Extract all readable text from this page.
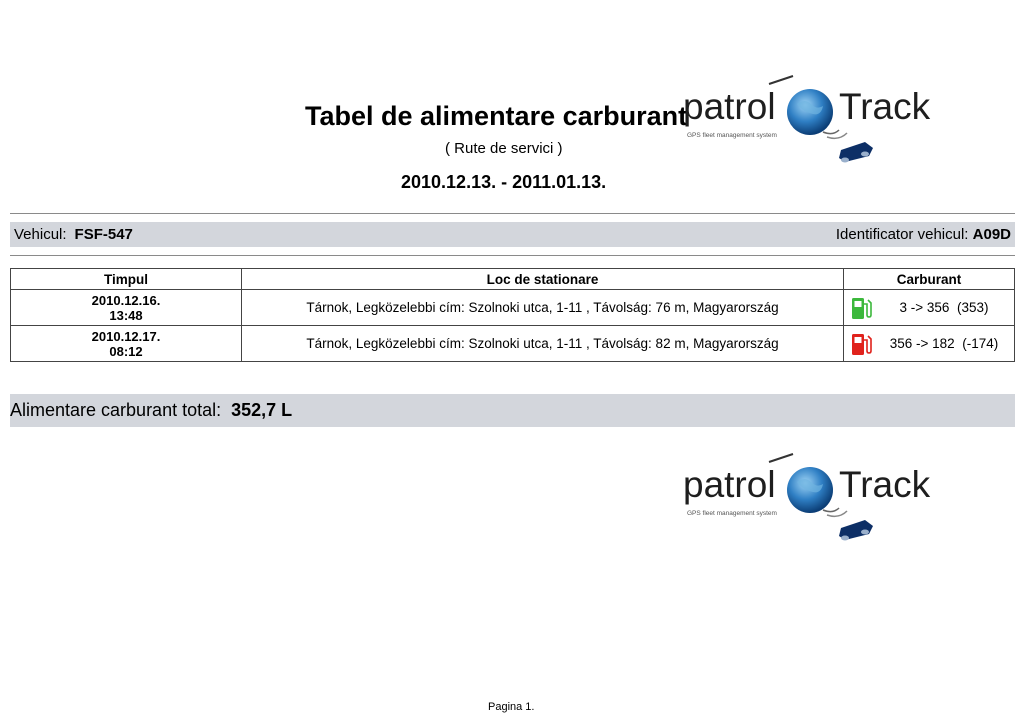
Tabel de alimentare carburant
patrol Track
GPS fleet management system
( Rute de servici )
2010.12.13. - 2011.01.13.
Vehicul: FSF-547	Identificator vehicul: A09D
Timpul	Loc de stationare	Carburant

2010.12.16.
13:48	Tárnok, Legközelebbi cím: Szolnoki utca, 1-11 , Távolság: 76 m, Magyarország	3 -> 356  (353)

2010.12.17.
08:12	Tárnok, Legközelebbi cím: Szolnoki utca, 1-11 , Távolság: 82 m, Magyarország	356 -> 182  (-174)
Alimentare carburant total: 352,7 L
patrol Track
GPS fleet management system
Pagina 1.
